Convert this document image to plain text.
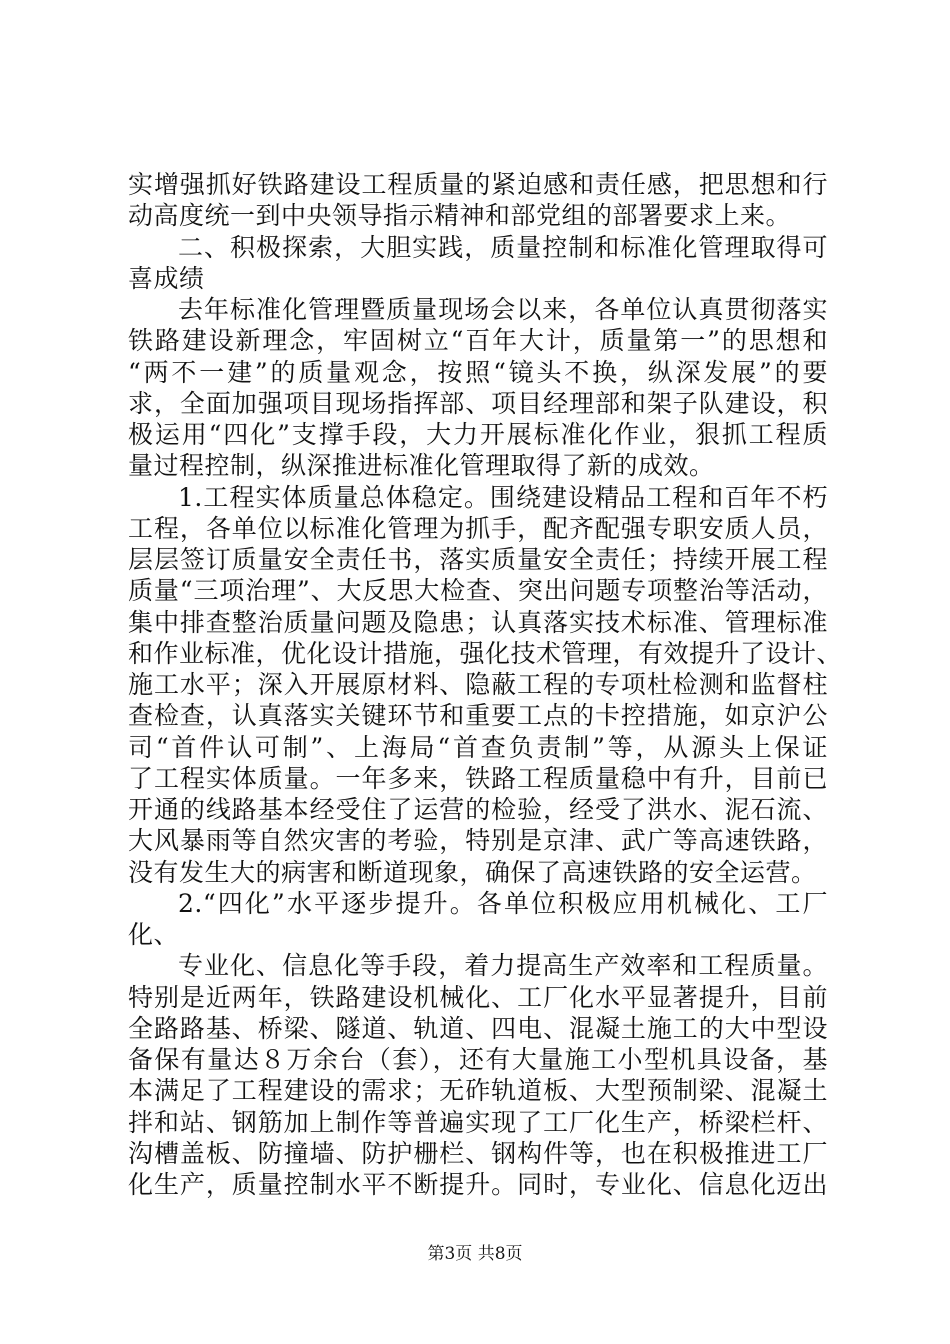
实增强抓好铁路建设工程质量的紧迫感和责任感，把思想和行
动高度统一到中央领导指示精神和部党组的部署要求上来。
二、积极探索，大胆实践，质量控制和标准化管理取得可
喜成绩
去年标准化管理暨质量现场会以来，各单位认真贯彻落实
铁路建设新理念，牢固树立“百年大计，质量第一”的思想和
“两不一建”的质量观念，按照“镜头不换，纵深发展”的要
求，全面加强项目现场指挥部、项目经理部和架子队建设，积
极运用“四化”支撑手段，大力开展标准化作业，狠抓工程质
量过程控制，纵深推进标准化管理取得了新的成效。
1.工程实体质量总体稳定。围绕建设精品工程和百年不朽
工程，各单位以标准化管理为抓手，配齐配强专职安质人员，
层层签订质量安全责任书，落实质量安全责任；持续开展工程
质量“三项治理”、大反思大检查、突出问题专项整治等活动，
集中排查整治质量问题及隐患；认真落实技术标准、管理标准
和作业标准，优化设计措施，强化技术管理，有效提升了设计、
施工水平；深入开展原材料、隐蔽工程的专项杜检测和监督柱
查检查，认真落实关键环节和重要工点的卡控措施，如京沪公
司“首件认可制”、上海局“首查负责制”等，从源头上保证
了工程实体质量。一年多来，铁路工程质量稳中有升，目前已
开通的线路基本经受住了运营的检验，经受了洪水、泥石流、
大风暴雨等自然灾害的考验，特别是京津、武广等高速铁路，
没有发生大的病害和断道现象，确保了高速铁路的安全运营。
2.“四化”水平逐步提升。各单位积极应用机械化、工厂
化、
专业化、信息化等手段，着力提高生产效率和工程质量。
特别是近两年，铁路建设机械化、工厂化水平显著提升，目前
全路路基、桥梁、隧道、轨道、四电、混凝土施工的大中型设
备保有量达８万余台（套），还有大量施工小型机具设备，基
本满足了工程建设的需求；无砟轨道板、大型预制梁、混凝土
拌和站、钢筋加上制作等普遍实现了工厂化生产，桥梁栏杆、
沟槽盖板、防撞墙、防护栅栏、钢构件等，也在积极推进工厂
化生产，质量控制水平不断提升。同时，专业化、信息化迈出
第3页 共8页
